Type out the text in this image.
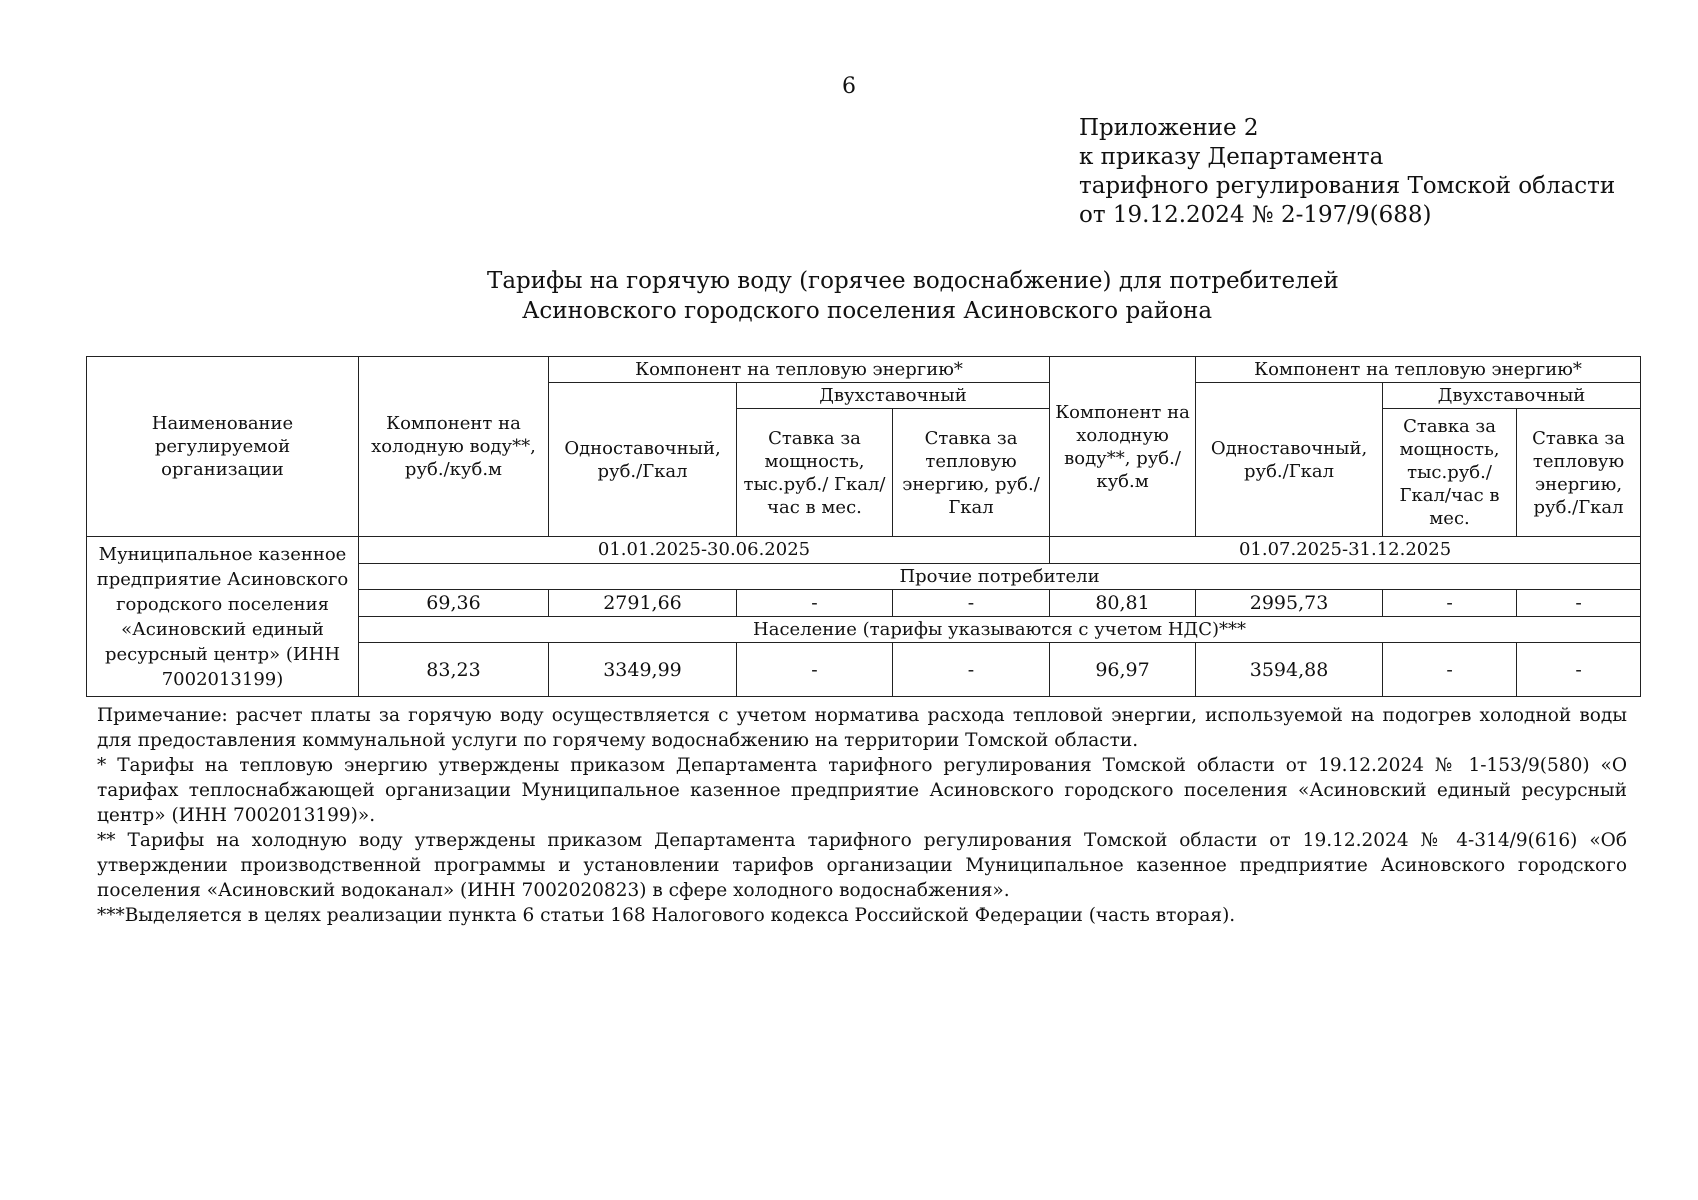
6
Приложение 2
к приказу Департамента
тарифного регулирования Томской области
от 19.12.2024 № 2-197/9(688)
Тарифы на горячую воду (горячее водоснабжение) для потребителей
Асиновского городского поселения Асиновского района
Наименование регулируемой организации	Компонент на холодную воду**, руб./куб.м	Компонент на тепловую энергию*			Компонент на холодную воду**, руб./куб.м	Компонент на тепловую энергию*		
		Одноставочный, руб./Гкал	Двухставочный			Одноставочный, руб./Гкал	Двухставочный	
			Ставка за мощность, тыс.руб./ Гкал/час в мес.	Ставка за тепловую энергию, руб./Гкал			Ставка за мощность, тыс.руб./ Гкал/час в мес.	Ставка за тепловую энергию, руб./Гкал
Муниципальное казенное предприятие Асиновского городского поселения «Асиновский единый ресурсный центр» (ИНН 7002013199)	01.01.2025-30.06.2025				01.07.2025-31.12.2025			
	Прочие потребители							
	69,36	2791,66	-	-	80,81	2995,73	-	-
	Население (тарифы указываются с учетом НДС)***							
	83,23	3349,99	-	-	96,97	3594,88	-	-

Примечание: расчет платы за горячую воду осуществляется с учетом норматива расхода тепловой энергии, используемой на подогрев холодной воды для предоставления коммунальной услуги по горячему водоснабжению на территории Томской области.

* Тарифы на тепловую энергию утверждены приказом Департамента тарифного регулирования Томской области от 19.12.2024 № 1-153/9(580) «О тарифах теплоснабжающей организации Муниципальное казенное предприятие Асиновского городского поселения «Асиновский единый ресурсный центр» (ИНН 7002013199)».

** Тарифы на холодную воду утверждены приказом Департамента тарифного регулирования Томской области от 19.12.2024 № 4-314/9(616) «Об утверждении производственной программы и установлении тарифов организации Муниципальное казенное предприятие Асиновского городского поселения «Асиновский водоканал» (ИНН 7002020823) в сфере холодного водоснабжения».

***Выделяется в целях реализации пункта 6 статьи 168 Налогового кодекса Российской Федерации (часть вторая).
